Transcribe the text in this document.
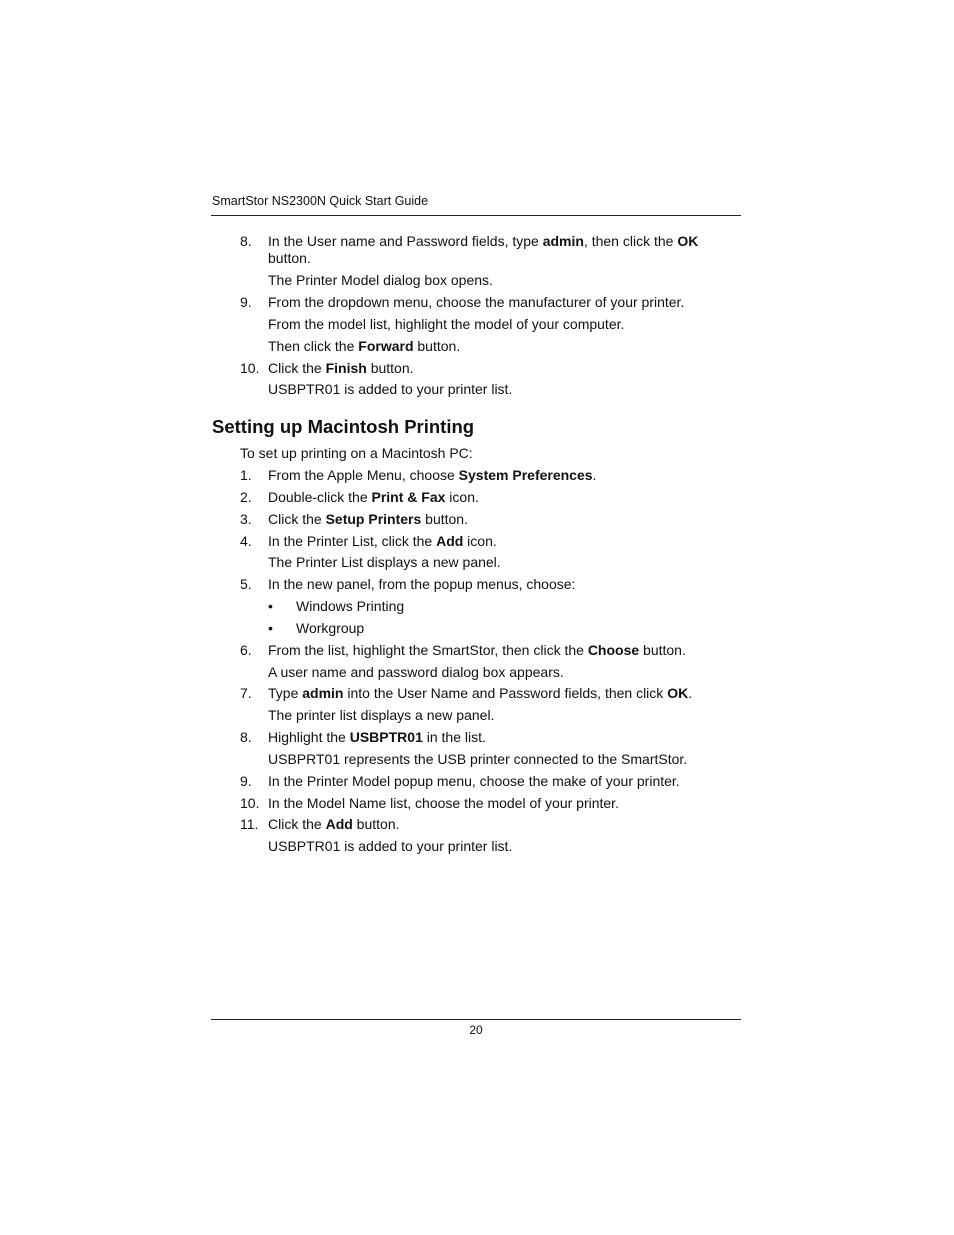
SmartStor NS2300N Quick Start Guide
8. In the User name and Password fields, type admin, then click the OK
button.
The Printer Model dialog box opens.
9. From the dropdown menu, choose the manufacturer of your printer.
From the model list, highlight the model of your computer.
Then click the Forward button.
10. Click the Finish button.
USBPTR01 is added to your printer list.
Setting up Macintosh Printing
To set up printing on a Macintosh PC:
1. From the Apple Menu, choose System Preferences.
2. Double-click the Print & Fax icon.
3. Click the Setup Printers button.
4. In the Printer List, click the Add icon.
The Printer List displays a new panel.
5. In the new panel, from the popup menus, choose:
• Windows Printing
• Workgroup
6. From the list, highlight the SmartStor, then click the Choose button.
A user name and password dialog box appears.
7. Type admin into the User Name and Password fields, then click OK.
The printer list displays a new panel.
8. Highlight the USBPTR01 in the list.
USBPRT01 represents the USB printer connected to the SmartStor.
9. In the Printer Model popup menu, choose the make of your printer.
10. In the Model Name list, choose the model of your printer.
11. Click the Add button.
USBPTR01 is added to your printer list.
20
